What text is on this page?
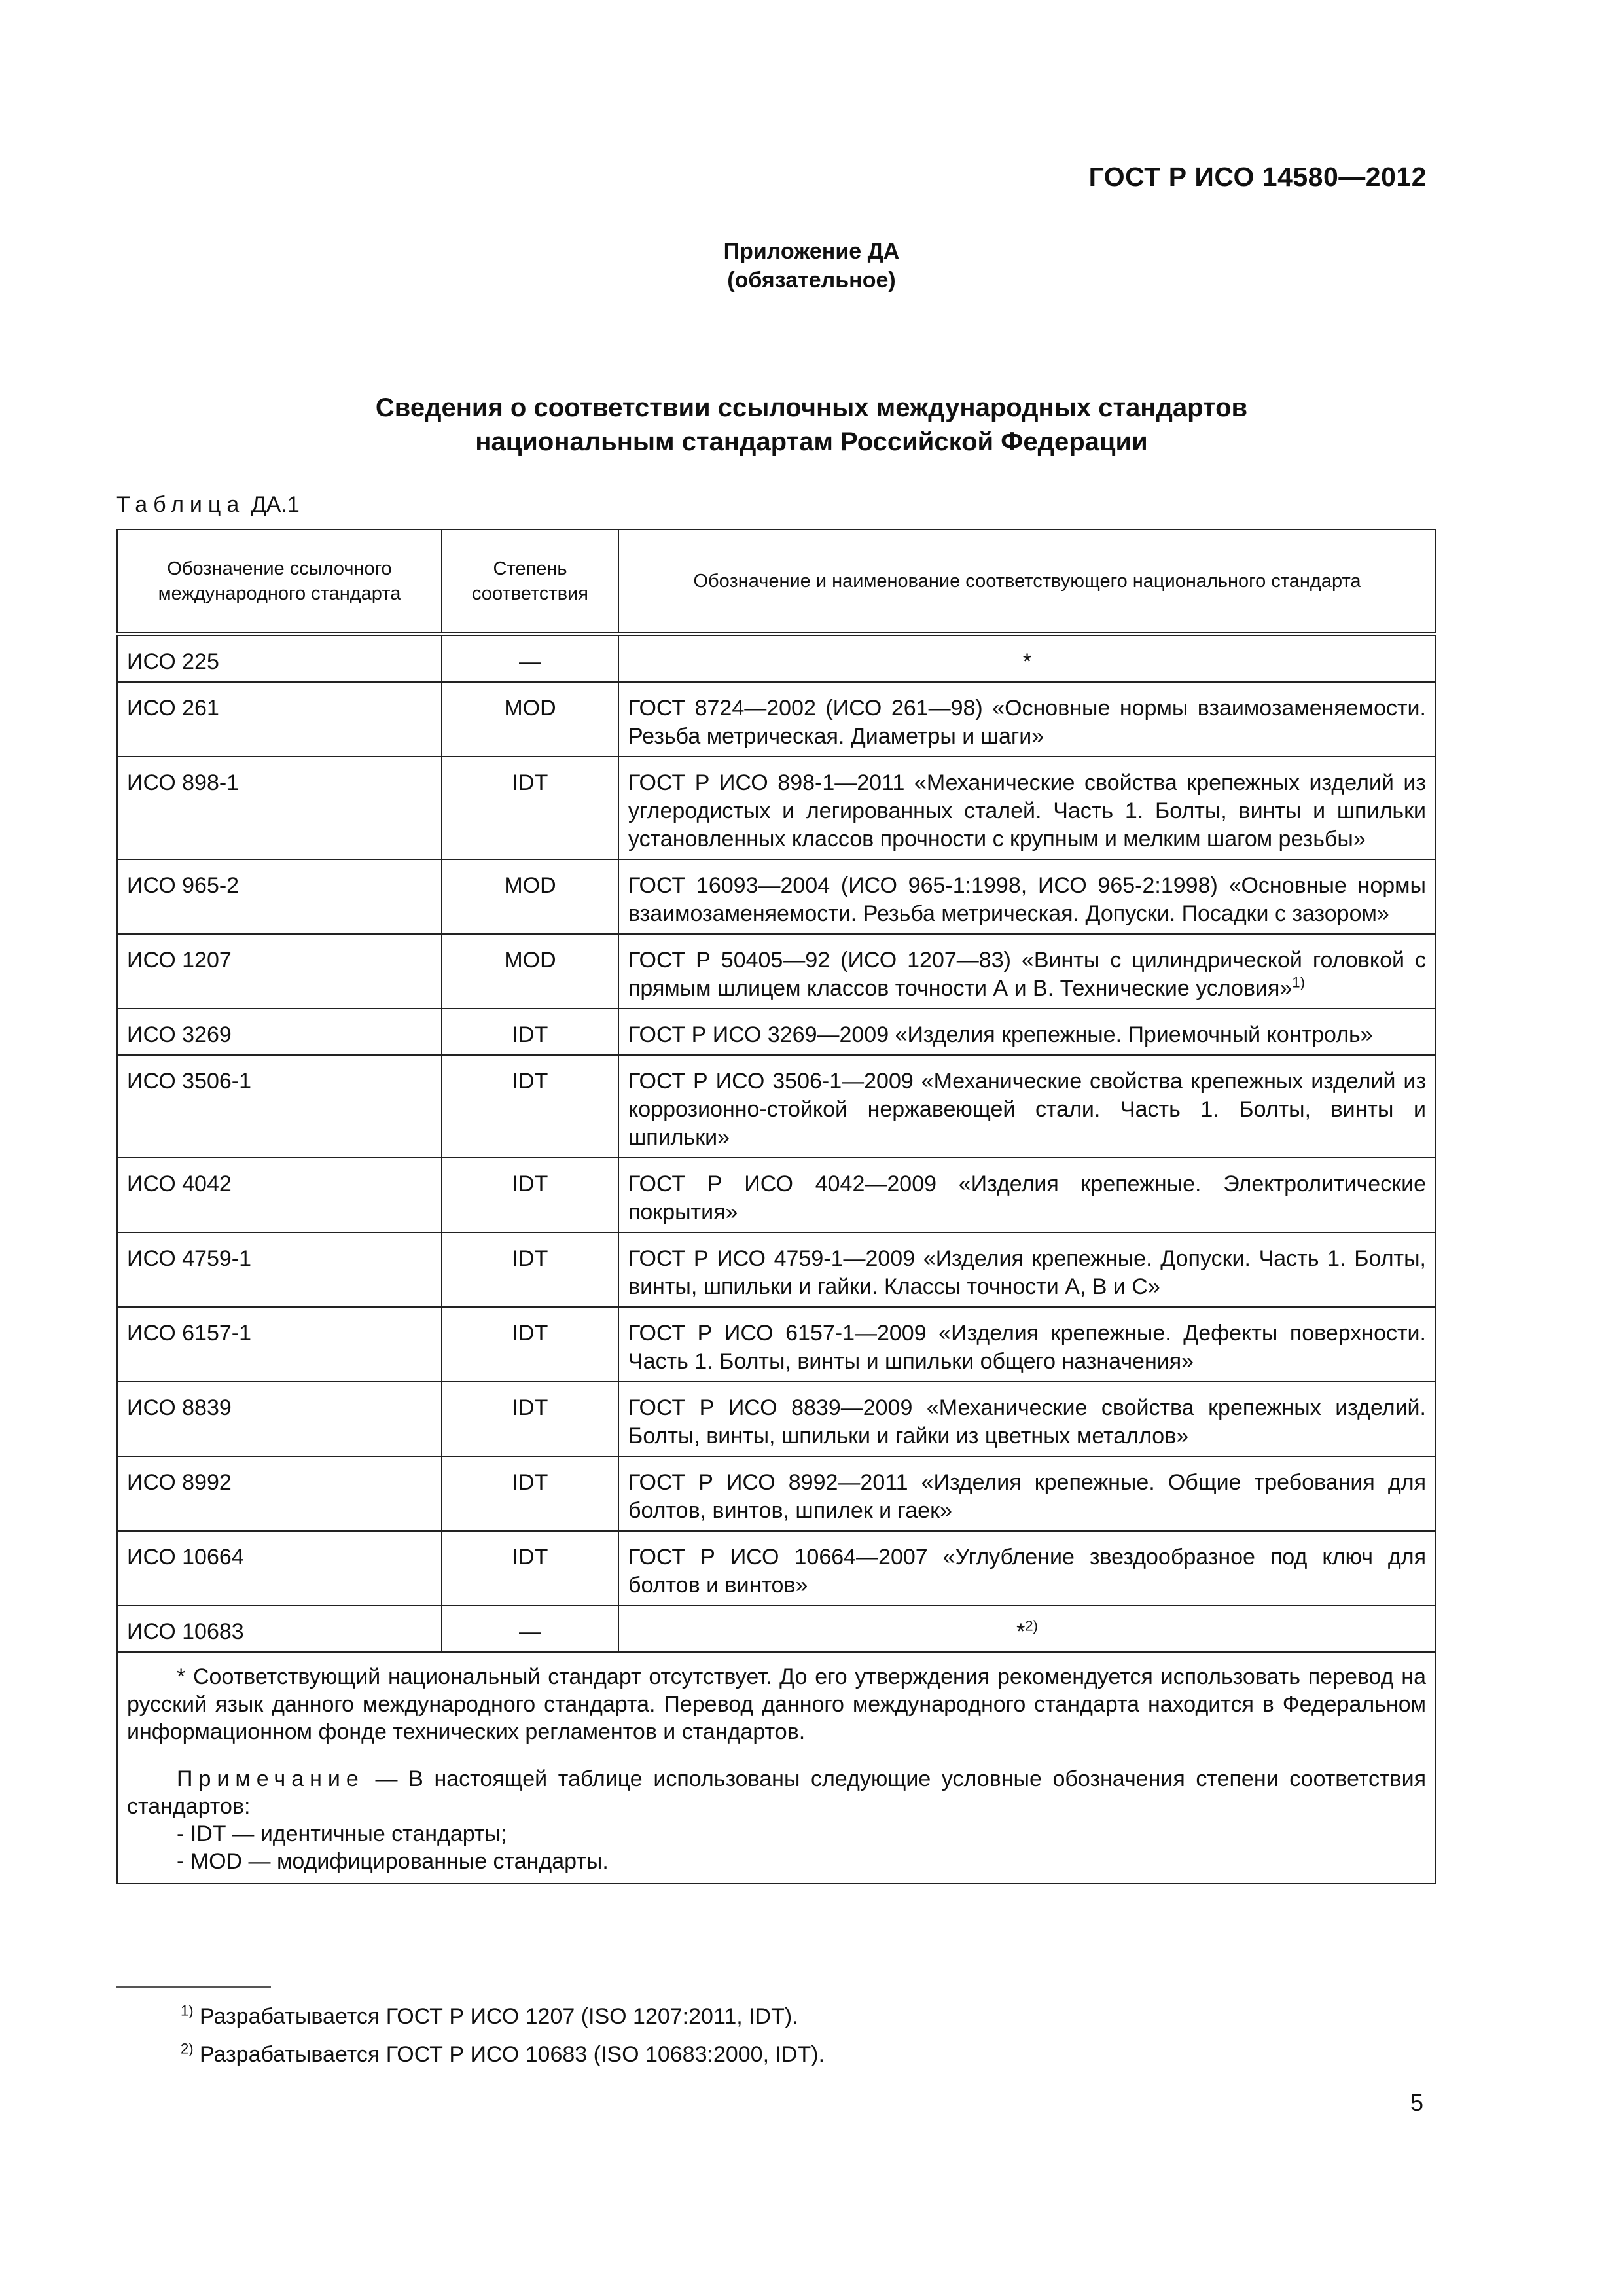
ГОСТ Р ИСО 14580—2012
Приложение ДА
(обязательное)
Сведения о соответствии ссылочных международных стандартов
национальным стандартам Российской Федерации
Таблица ДА.1
Обозначение ссылочного международного стандарта	Степень соответствия	Обозначение и наименование соответствующего национального стандарта
ИСО 225	—	*
ИСО 261	MOD	ГОСТ 8724—2002 (ИСО 261—98) «Основные нормы взаимозаменяемости. Резьба метрическая. Диаметры и шаги»
ИСО 898-1	IDT	ГОСТ Р ИСО 898-1—2011 «Механические свойства крепежных изделий из углеродистых и легированных сталей. Часть 1. Болты, винты и шпильки установленных классов прочности с крупным и мелким шагом резьбы»
ИСО 965-2	MOD	ГОСТ 16093—2004 (ИСО 965-1:1998, ИСО 965-2:1998) «Основные нормы взаимозаменяемости. Резьба метрическая. Допуски. Посадки с зазором»
ИСО 1207	MOD	ГОСТ Р 50405—92 (ИСО 1207—83) «Винты с цилиндрической головкой с прямым шлицем классов точности А и В. Технические условия»$^{1)}$
ИСО 3269	IDT	ГОСТ Р ИСО 3269—2009 «Изделия крепежные. Приемочный контроль»
ИСО 3506-1	IDT	ГОСТ Р ИСО 3506-1—2009 «Механические свойства крепежных изделий из коррозионно-стойкой нержавеющей стали. Часть 1. Болты, винты и шпильки»
ИСО 4042	IDT	ГОСТ Р ИСО 4042—2009 «Изделия крепежные. Электролитические покрытия»
ИСО 4759-1	IDT	ГОСТ Р ИСО 4759-1—2009 «Изделия крепежные. Допуски. Часть 1. Болты, винты, шпильки и гайки. Классы точности А, В и С»
ИСО 6157-1	IDT	ГОСТ Р ИСО 6157-1—2009 «Изделия крепежные. Дефекты поверхности. Часть 1. Болты, винты и шпильки общего назначения»
ИСО 8839	IDT	ГОСТ Р ИСО 8839—2009 «Механические свойства крепежных изделий. Болты, винты, шпильки и гайки из цветных металлов»
ИСО 8992	IDT	ГОСТ Р ИСО 8992—2011 «Изделия крепежные. Общие требования для болтов, винтов, шпилек и гаек»
ИСО 10664	IDT	ГОСТ Р ИСО 10664—2007 «Углубление звездообразное под ключ для болтов и винтов»
ИСО 10683	—	*$^{2)}$

* Соответствующий национальный стандарт отсутствует. До его утверждения рекомендуется использовать перевод на русский язык данного международного стандарта. Перевод данного международного стандарта находится в Федеральном информационном фонде технических регламентов и стандартов.

Примечание — В настоящей таблице использованы следующие условные обозначения степени соответствия стандартов:

- IDT — идентичные стандарты;

- MOD — модифицированные стандарты.		

$^{1)}$ Разрабатывается ГОСТ Р ИСО 1207 (ISO 1207:2011, IDT).
$^{2)}$ Разрабатывается ГОСТ Р ИСО 10683 (ISO 10683:2000, IDT).
5
